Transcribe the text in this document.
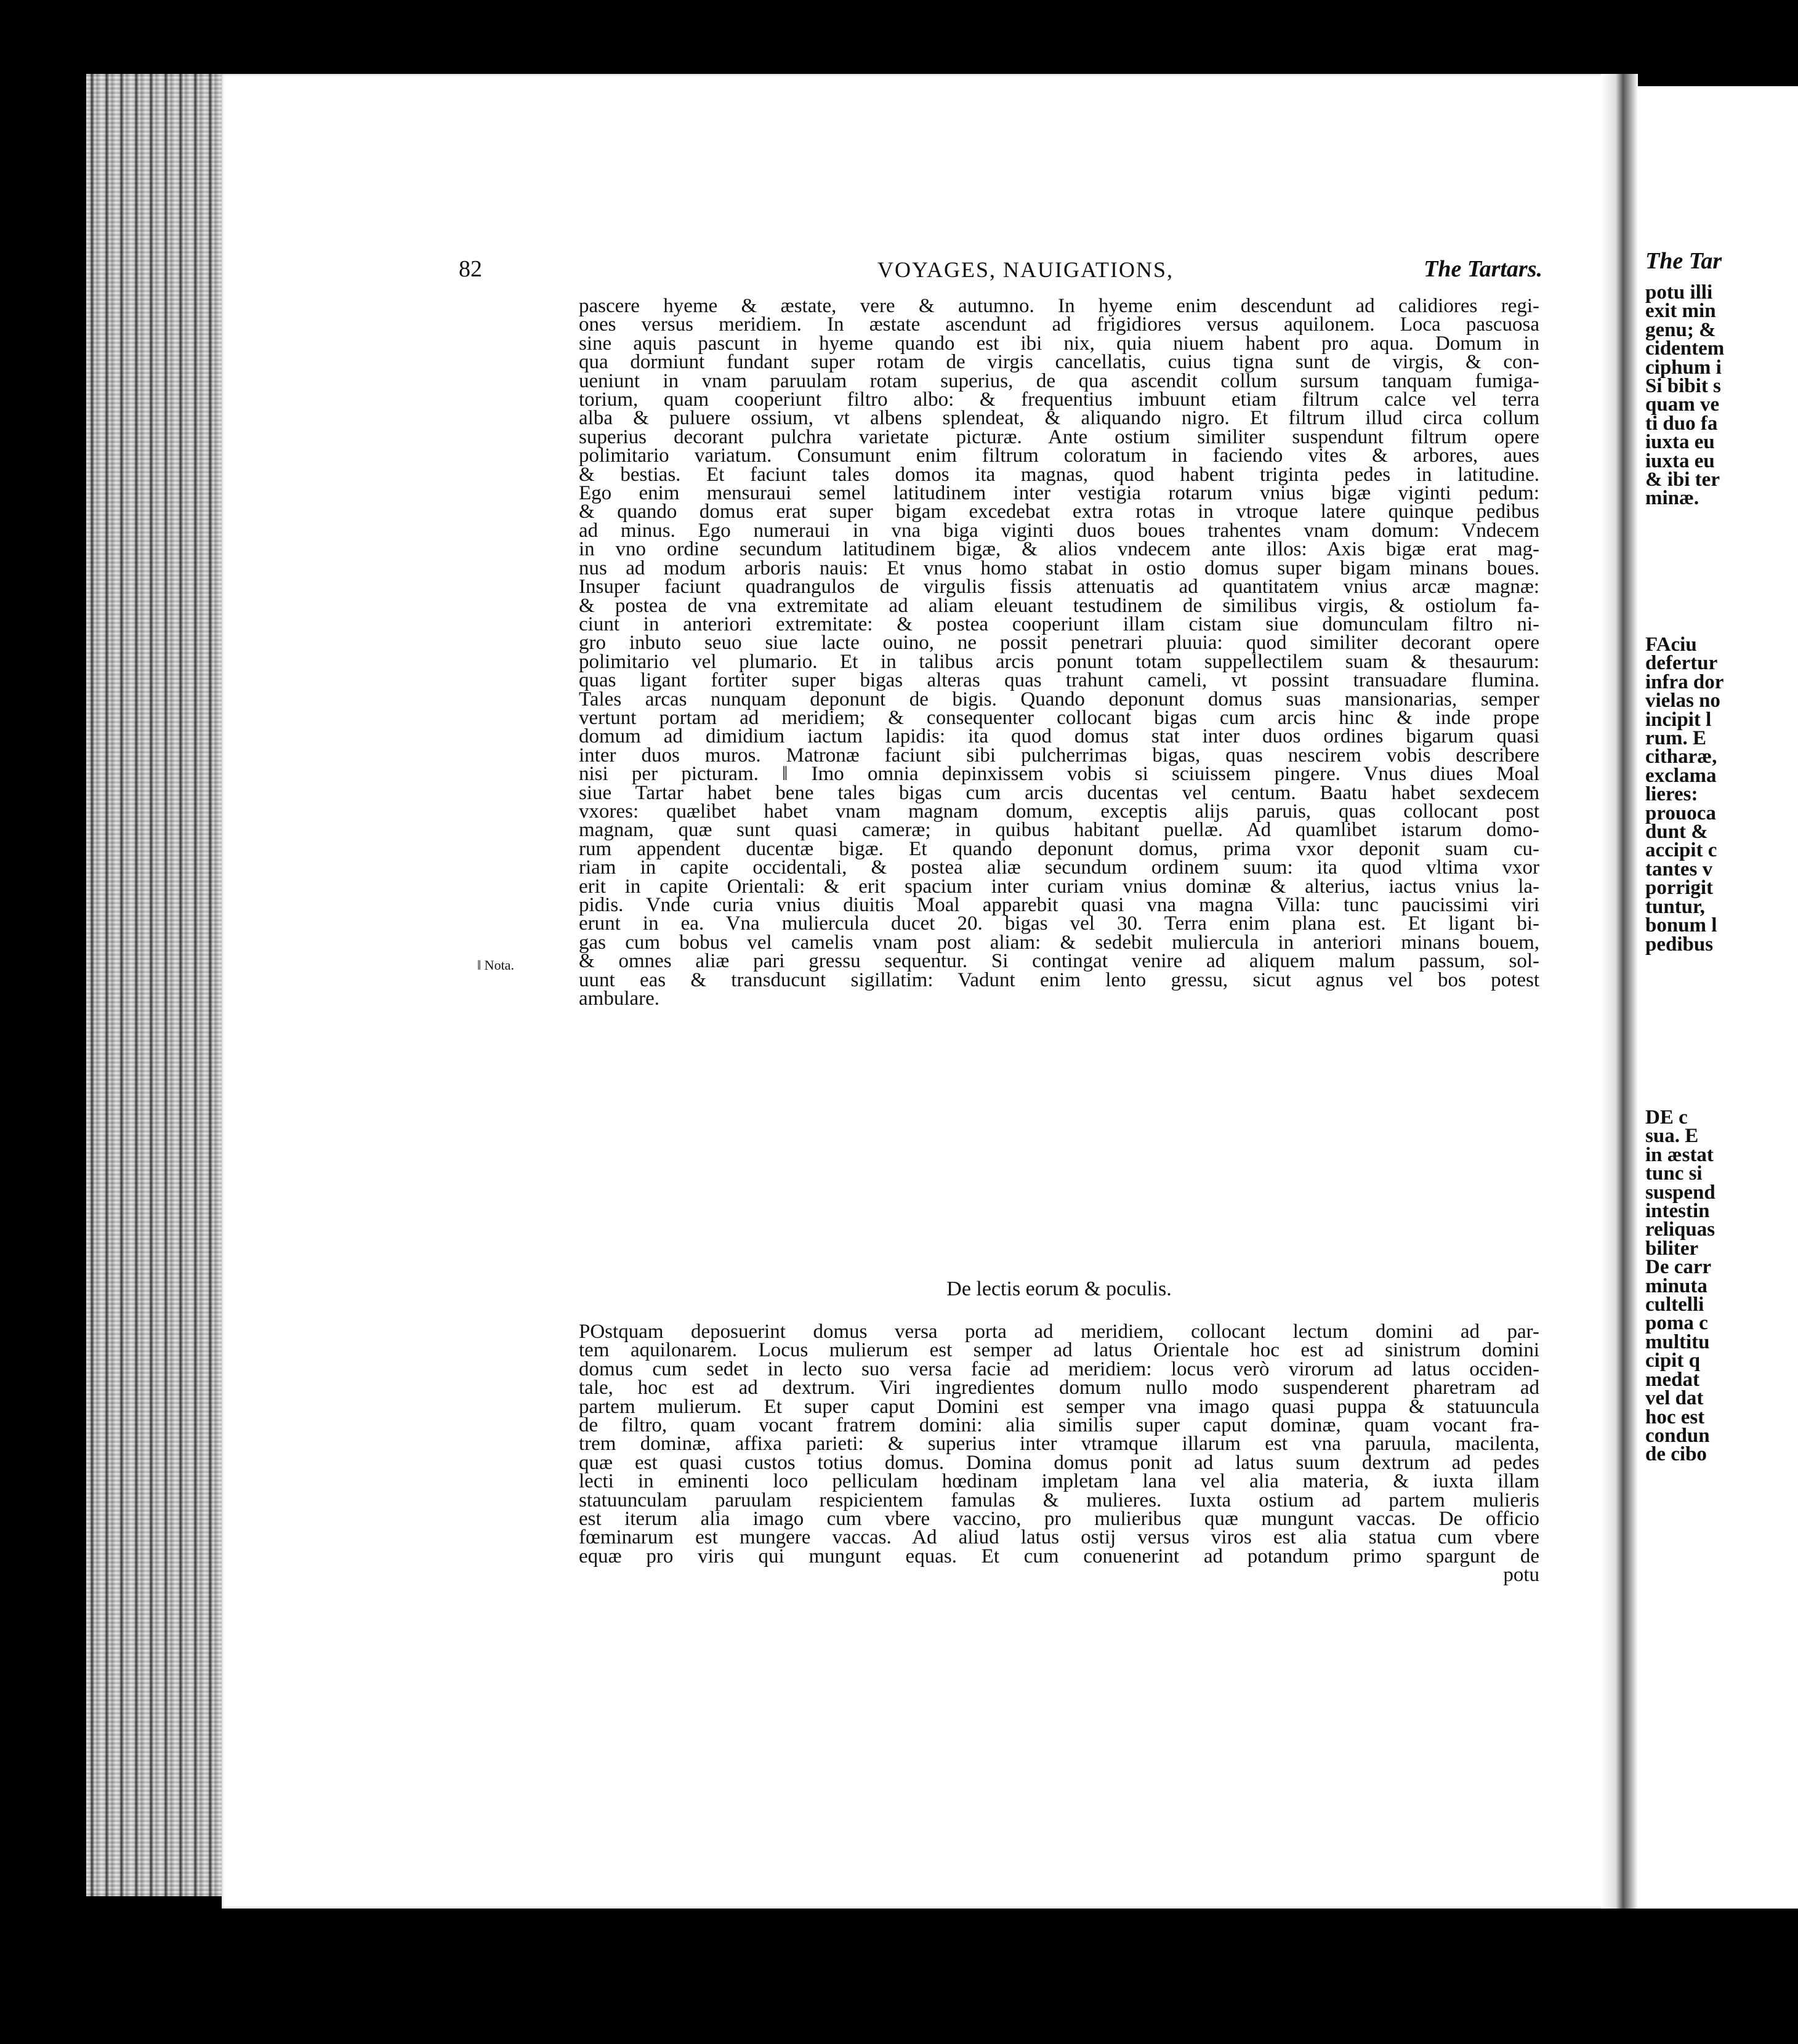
82	VOYAGES, NAUIGATIONS,	The Tartars.
‖ Nota.

pascere hyeme & æstate, vere & autumno. In hyeme enim descendunt ad calidiores regi-
ones versus meridiem. In æstate ascendunt ad frigidiores versus aquilonem. Loca pascuosa
sine aquis pascunt in hyeme quando est ibi nix, quia niuem habent pro aqua. Domum in
qua dormiunt fundant super rotam de virgis cancellatis, cuius tigna sunt de virgis, & con-
ueniunt in vnam paruulam rotam superius, de qua ascendit collum sursum tanquam fumiga-
torium, quam cooperiunt filtro albo: & frequentius imbuunt etiam filtrum calce vel terra
alba & puluere ossium, vt albens splendeat, & aliquando nigro. Et filtrum illud circa collum
superius decorant pulchra varietate picturæ. Ante ostium similiter suspendunt filtrum opere
polimitario variatum. Consumunt enim filtrum coloratum in faciendo vites & arbores, aues
& bestias. Et faciunt tales domos ita magnas, quod habent triginta pedes in latitudine.
Ego enim mensuraui semel latitudinem inter vestigia rotarum vnius bigæ viginti pedum:
& quando domus erat super bigam excedebat extra rotas in vtroque latere quinque pedibus
ad minus. Ego numeraui in vna biga viginti duos boues trahentes vnam domum: Vndecem
in vno ordine secundum latitudinem bigæ, & alios vndecem ante illos: Axis bigæ erat mag-
nus ad modum arboris nauis: Et vnus homo stabat in ostio domus super bigam minans boues.
Insuper faciunt quadrangulos de virgulis fissis attenuatis ad quantitatem vnius arcæ magnæ:
& postea de vna extremitate ad aliam eleuant testudinem de similibus virgis, & ostiolum fa-
ciunt in anteriori extremitate: & postea cooperiunt illam cistam siue domunculam filtro ni-
gro inbuto seuo siue lacte ouino, ne possit penetrari pluuia: quod similiter decorant opere
polimitario vel plumario. Et in talibus arcis ponunt totam suppellectilem suam & thesaurum:
quas ligant fortiter super bigas alteras quas trahunt cameli, vt possint transuadare flumina.
Tales arcas nunquam deponunt de bigis. Quando deponunt domus suas mansionarias, semper
vertunt portam ad meridiem; & consequenter collocant bigas cum arcis hinc & inde prope
domum ad dimidium iactum lapidis: ita quod domus stat inter duos ordines bigarum quasi
inter duos muros. Matronæ faciunt sibi pulcherrimas bigas, quas nescirem vobis describere
nisi per picturam. ‖ Imo omnia depinxissem vobis si sciuissem pingere. Vnus diues Moal
siue Tartar habet bene tales bigas cum arcis ducentas vel centum. Baatu habet sexdecem
vxores: quælibet habet vnam magnam domum, exceptis alijs paruis, quas collocant post
magnam, quæ sunt quasi cameræ; in quibus habitant puellæ. Ad quamlibet istarum domo-
rum appendent ducentæ bigæ. Et quando deponunt domus, prima vxor deponit suam cu-
riam in capite occidentali, & postea aliæ secundum ordinem suum: ita quod vltima vxor
erit in capite Orientali: & erit spacium inter curiam vnius dominæ & alterius, iactus vnius la-
pidis. Vnde curia vnius diuitis Moal apparebit quasi vna magna Villa: tunc paucissimi viri
erunt in ea. Vna muliercula ducet 20. bigas vel 30. Terra enim plana est. Et ligant bi-
gas cum bobus vel camelis vnam post aliam: & sedebit muliercula in anteriori minans bouem,
& omnes aliæ pari gressu sequentur. Si contingat venire ad aliquem malum passum, sol-
uunt eas & transducunt sigillatim: Vadunt enim lento gressu, sicut agnus vel bos potest
ambulare.

De lectis eorum & poculis.

POstquam deposuerint domus versa porta ad meridiem, collocant lectum domini ad par-
tem aquilonarem. Locus mulierum est semper ad latus Orientale hoc est ad sinistrum domini
domus cum sedet in lecto suo versa facie ad meridiem: locus verò virorum ad latus occiden-
tale, hoc est ad dextrum. Viri ingredientes domum nullo modo suspenderent pharetram ad
partem mulierum. Et super caput Domini est semper vna imago quasi puppa & statuuncula
de filtro, quam vocant fratrem domini: alia similis super caput dominæ, quam vocant fra-
trem dominæ, affixa parieti: & superius inter vtramque illarum est vna paruula, macilenta,
quæ est quasi custos totius domus. Domina domus ponit ad latus suum dextrum ad pedes
lecti in eminenti loco pelliculam hœdinam impletam lana vel alia materia, & iuxta illam
statuunculam paruulam respicientem famulas & mulieres. Iuxta ostium ad partem mulieris
est iterum alia imago cum vbere vaccino, pro mulieribus quæ mungunt vaccas. De officio
fœminarum est mungere vaccas. Ad aliud latus ostij versus viros est alia statua cum vbere
equæ pro viris qui mungunt equas. Et cum conuenerint ad potandum primo spargunt de

potu
The Tar
potu illi
exit min
genu; &
cidentem
ciphum i
Si bibit s
quam ve
ti duo fa
iuxta eu
iuxta eu
& ibi ter
minæ.
FAciu
defertur
infra dor
vielas no
incipit l
rum. E
citharæ,
exclama
lieres:
prouoca
dunt &
accipit c
tantes v
porrigit
tuntur,
bonum l
pedibus
DE c
sua. E
in æstat
tunc si
suspend
intestin
reliquas
biliter
De carr
minuta
cultelli
poma c
multitu
cipit q
medat
vel dat
hoc est
condun
de cibo
